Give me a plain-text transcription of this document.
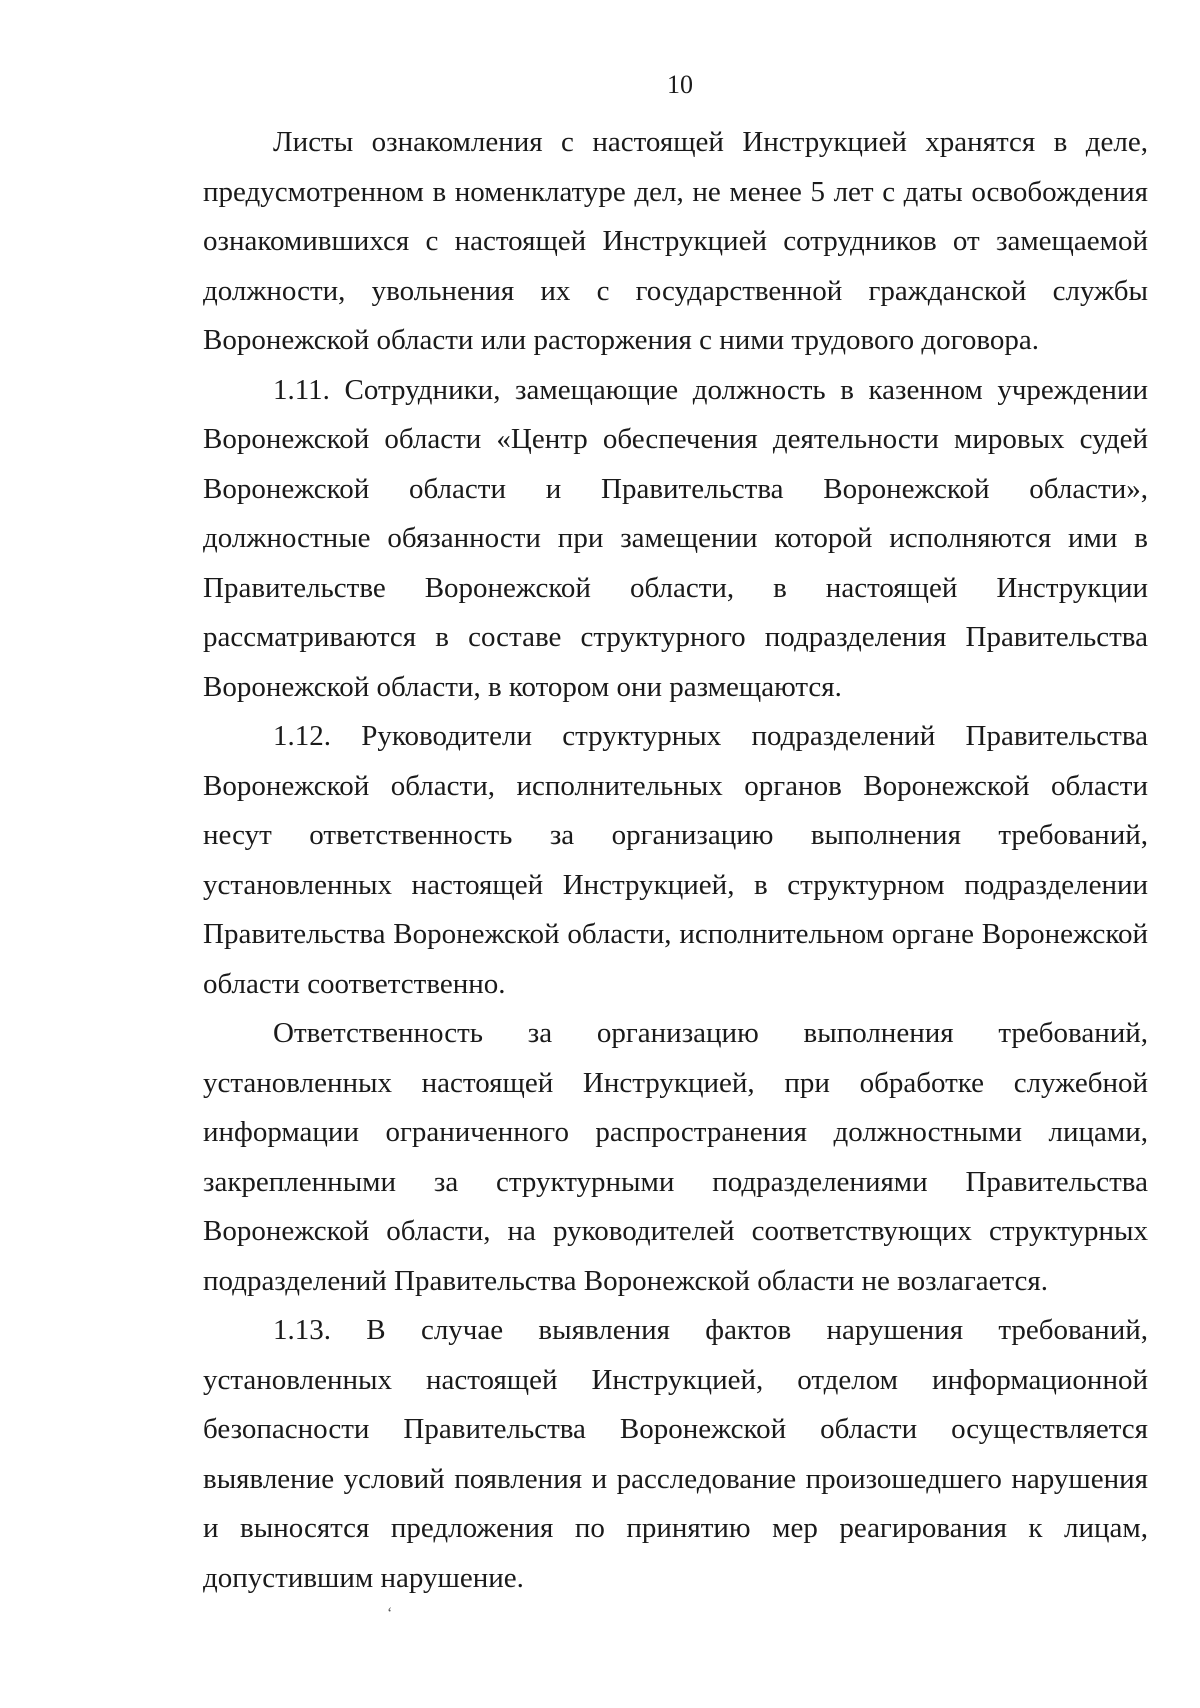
10

Листы ознакомления с настоящей Инструкцией хранятся в деле, предусмотренном в номенклатуре дел, не менее 5 лет с даты освобождения ознакомившихся с настоящей Инструкцией сотрудников от замещаемой должности, увольнения их с государственной гражданской службы Воронежской области или расторжения с ними трудового договора.

1.11. Сотрудники, замещающие должность в казенном учреждении Воронежской области «Центр обеспечения деятельности мировых судей Воронежской области и Правительства Воронежской области», должностные обязанности при замещении которой исполняются ими в Правительстве Воронежской области, в настоящей Инструкции рассматриваются в составе структурного подразделения Правительства Воронежской области, в котором они размещаются.

1.12. Руководители структурных подразделений Правительства Воронежской области, исполнительных органов Воронежской области несут ответственность за организацию выполнения требований, установленных настоящей Инструкцией, в структурном подразделении Правительства Воронежской области, исполнительном органе Воронежской области соответственно.

Ответственность за организацию выполнения требований, установленных настоящей Инструкцией, при обработке служебной информации ограниченного распространения должностными лицами, закрепленными за структурными подразделениями Правительства Воронежской области, на руководителей соответствующих структурных подразделений Правительства Воронежской области не возлагается.

1.13. В случае выявления фактов нарушения требований, установленных настоящей Инструкцией, отделом информационной безопасности Правительства Воронежской области осуществляется выявление условий появления и расследование произошедшего нарушения и выносятся предложения по принятию мер реагирования к лицам, допустившим нарушение.

‘
